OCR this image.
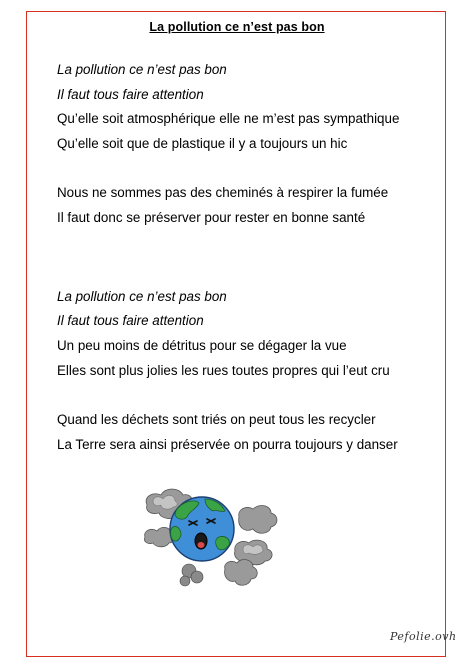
La pollution ce n’est pas bon
La pollution ce n’est pas bon
Il faut tous faire attention
Qu’elle soit atmosphérique elle ne m’est pas sympathique
Qu’elle soit que de plastique il y a toujours un hic
Nous ne sommes pas des cheminés à respirer la fumée
Il faut donc se préserver pour rester en bonne santé
La pollution ce n’est pas bon
Il faut tous faire attention
Un peu moins de détritus pour se dégager la vue
Elles sont plus jolies les rues toutes propres qui l’eut cru
Quand les déchets sont triés on peut tous les recycler
La Terre sera ainsi préservée on pourra toujours y danser
Pefolie.ovh
